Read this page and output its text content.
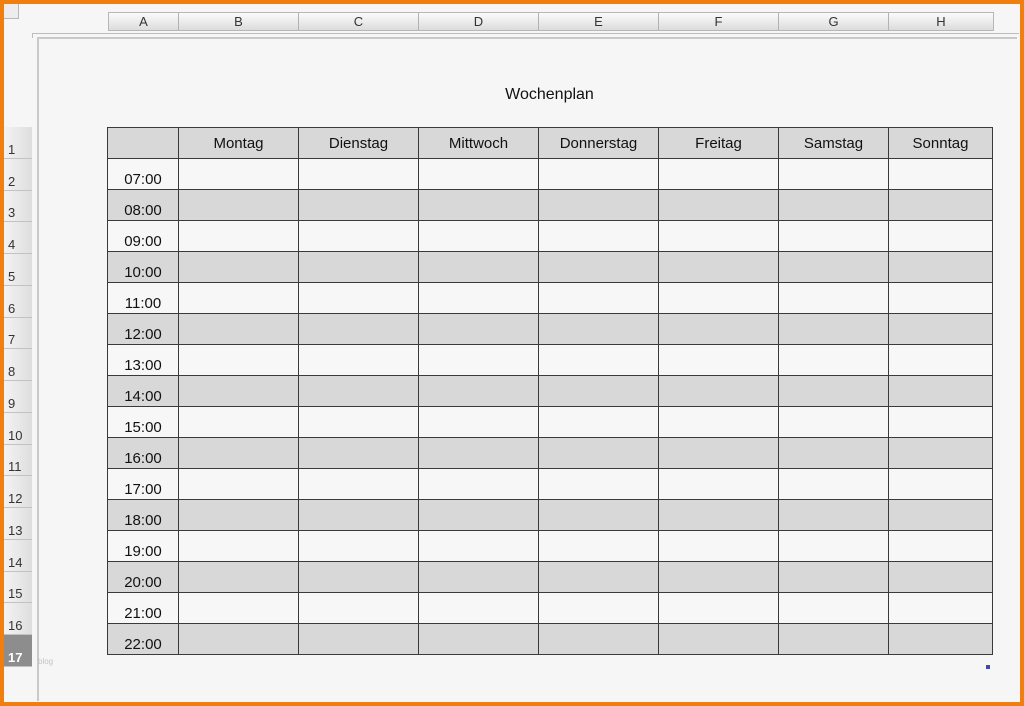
A	B	C	D	E	F	G	H
1
2
3
4
5
6
7
8
9
10
11
12
13
14
15
16
17
Wochenplan
	Montag	Dienstag	Mittwoch	Donnerstag	Freitag	Samstag	Sonntag
07:00							
08:00							
09:00							
10:00							
11:00							
12:00							
13:00							
14:00							
15:00							
16:00							
17:00							
18:00							
19:00							
20:00							
21:00							
22:00							
blog
